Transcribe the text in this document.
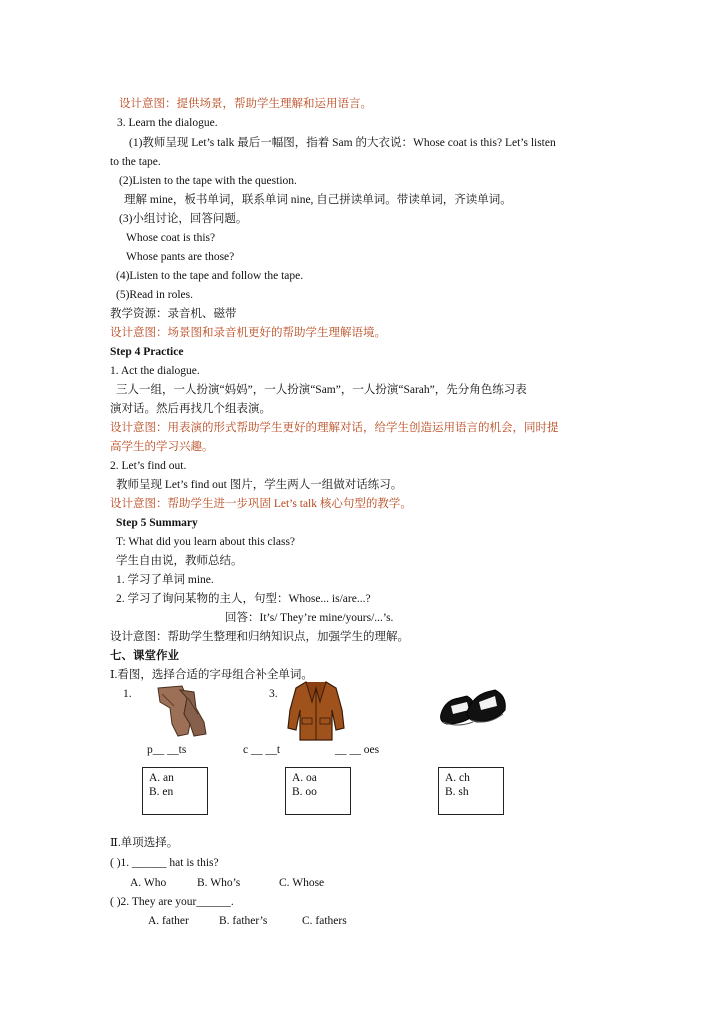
设计意图：提供场景，帮助学生理解和运用语言。
3. Learn the dialogue.
(1)教师呈现 Let’s talk 最后一幅图，指着 Sam 的大衣说：Whose coat is this? Let’s listen
to the tape.
(2)Listen to the tape with the question.
理解 mine，板书单词，联系单词 nine, 自己拼读单词。带读单词，齐读单词。
(3)小组讨论，回答问题。
Whose coat is this?
Whose pants are those?
(4)Listen to the tape and follow the tape.
(5)Read in roles.
教学资源：录音机、磁带
设计意图：场景图和录音机更好的帮助学生理解语境。
Step 4 Practice
1. Act the dialogue.
三人一组，一人扮演“妈妈”，一人扮演“Sam”，一人扮演“Sarah”，先分角色练习表
演对话。然后再找几个组表演。
设计意图：用表演的形式帮助学生更好的理解对话，给学生创造运用语言的机会，同时提
高学生的学习兴趣。
2. Let’s find out.
教师呈现 Let’s find out 图片，学生两人一组做对话练习。
设计意图：帮助学生进一步巩固 Let’s talk 核心句型的教学。
Step 5 Summary
T: What did you learn about this class?
学生自由说，教师总结。
1. 学习了单词 mine.
2. 学习了询问某物的主人，句型：Whose... is/are...?
回答：It’s/ They’re mine/yours/...’s.
设计意图：帮助学生整理和归纳知识点，加强学生的理解。
七、课堂作业
Ⅰ.看图，选择合适的字母组合补全单词。
1.	3.
p__ __ts	c __ __t	__ __ oes
A. an
B. en
A. oa
B. oo
A. ch
B. sh
Ⅱ.单项选择。
( )1. ______ hat is this?
A. Who	B. Who’s	C. Whose
( )2. They are your______.
A. father	B. father’s	C. fathers
